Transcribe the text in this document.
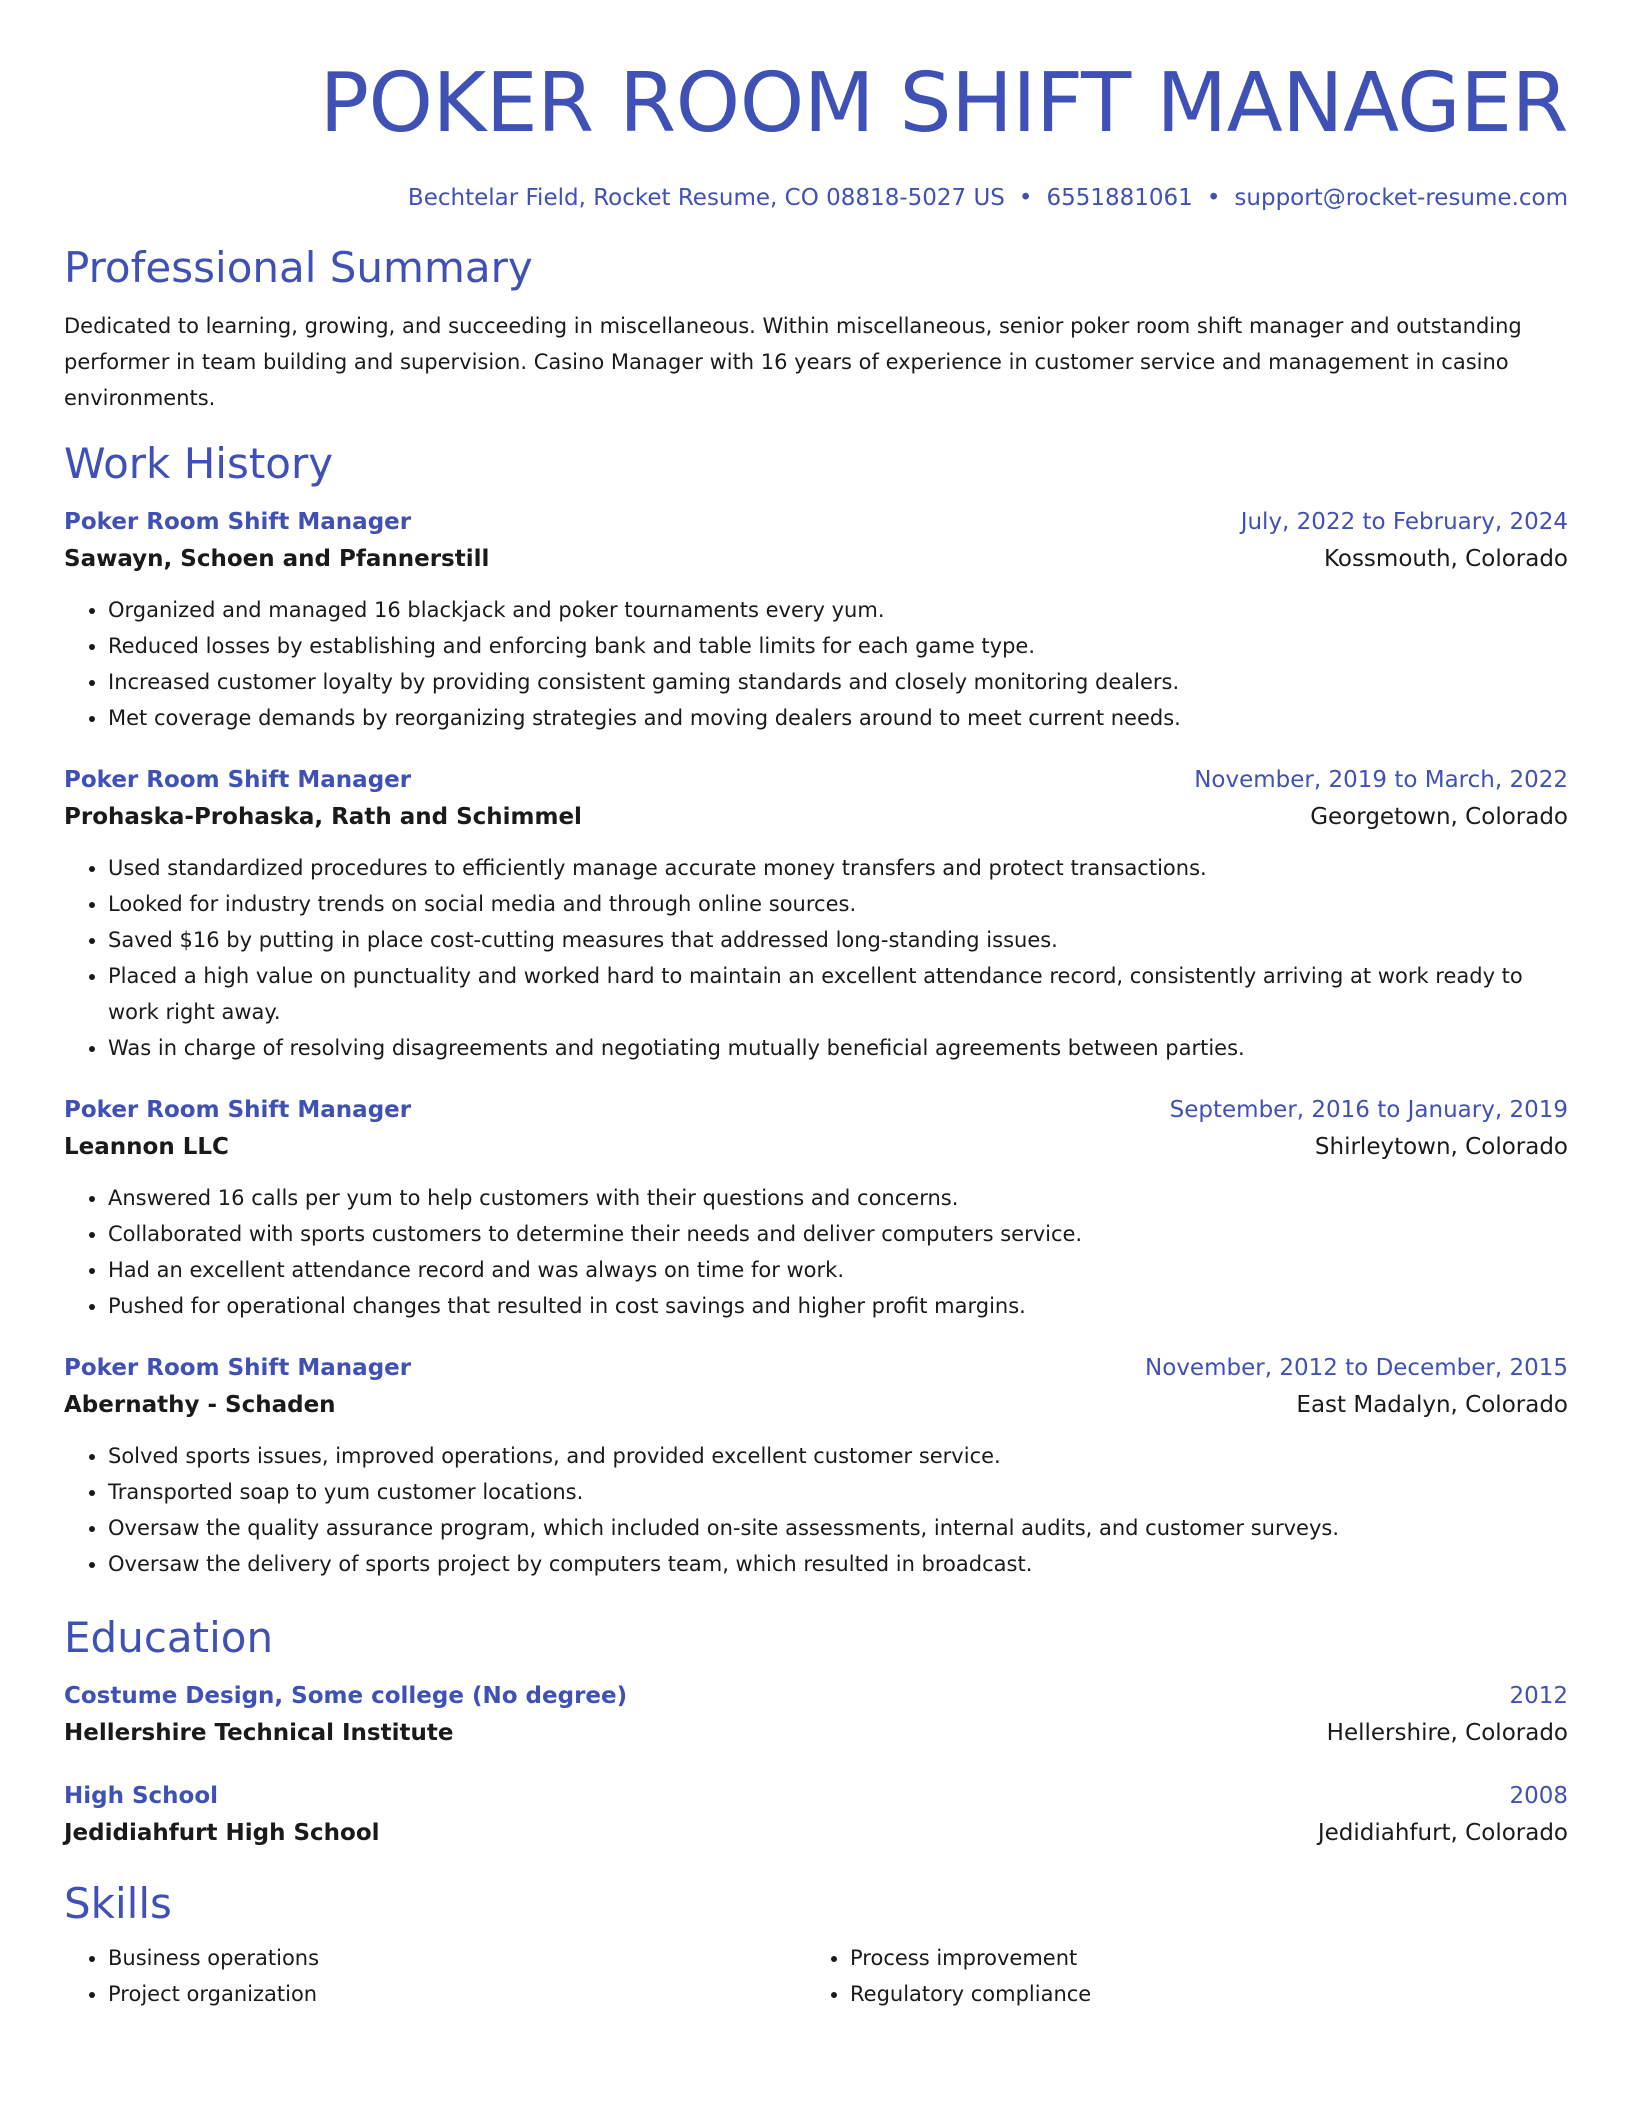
POKER ROOM SHIFT MANAGER
Bechtelar Field, Rocket Resume, CO 08818-5027 US • 6551881061 • support@rocket-resume.com
Professional Summary
Dedicated to learning, growing, and succeeding in miscellaneous. Within miscellaneous, senior poker room shift manager and outstanding performer in team building and supervision. Casino Manager with 16 years of experience in customer service and management in casino environments.
Work History
Poker Room Shift Manager	July, 2022 to February, 2024
Sawayn, Schoen and Pfannerstill	Kossmouth, Colorado
• Organized and managed 16 blackjack and poker tournaments every yum.
• Reduced losses by establishing and enforcing bank and table limits for each game type.
• Increased customer loyalty by providing consistent gaming standards and closely monitoring dealers.
• Met coverage demands by reorganizing strategies and moving dealers around to meet current needs.
Poker Room Shift Manager	November, 2019 to March, 2022
Prohaska-Prohaska, Rath and Schimmel	Georgetown, Colorado
• Used standardized procedures to efficiently manage accurate money transfers and protect transactions.
• Looked for industry trends on social media and through online sources.
• Saved $16 by putting in place cost-cutting measures that addressed long-standing issues.
• Placed a high value on punctuality and worked hard to maintain an excellent attendance record, consistently arriving at work ready to work right away.
• Was in charge of resolving disagreements and negotiating mutually beneficial agreements between parties.
Poker Room Shift Manager	September, 2016 to January, 2019
Leannon LLC	Shirleytown, Colorado
• Answered 16 calls per yum to help customers with their questions and concerns.
• Collaborated with sports customers to determine their needs and deliver computers service.
• Had an excellent attendance record and was always on time for work.
• Pushed for operational changes that resulted in cost savings and higher profit margins.
Poker Room Shift Manager	November, 2012 to December, 2015
Abernathy - Schaden	East Madalyn, Colorado
• Solved sports issues, improved operations, and provided excellent customer service.
• Transported soap to yum customer locations.
• Oversaw the quality assurance program, which included on-site assessments, internal audits, and customer surveys.
• Oversaw the delivery of sports project by computers team, which resulted in broadcast.
Education
Costume Design, Some college (No degree)	2012
Hellershire Technical Institute	Hellershire, Colorado
High School	2008
Jedidiahfurt High School	Jedidiahfurt, Colorado
Skills
• Business operations
• Project organization
• Process improvement
• Regulatory compliance
